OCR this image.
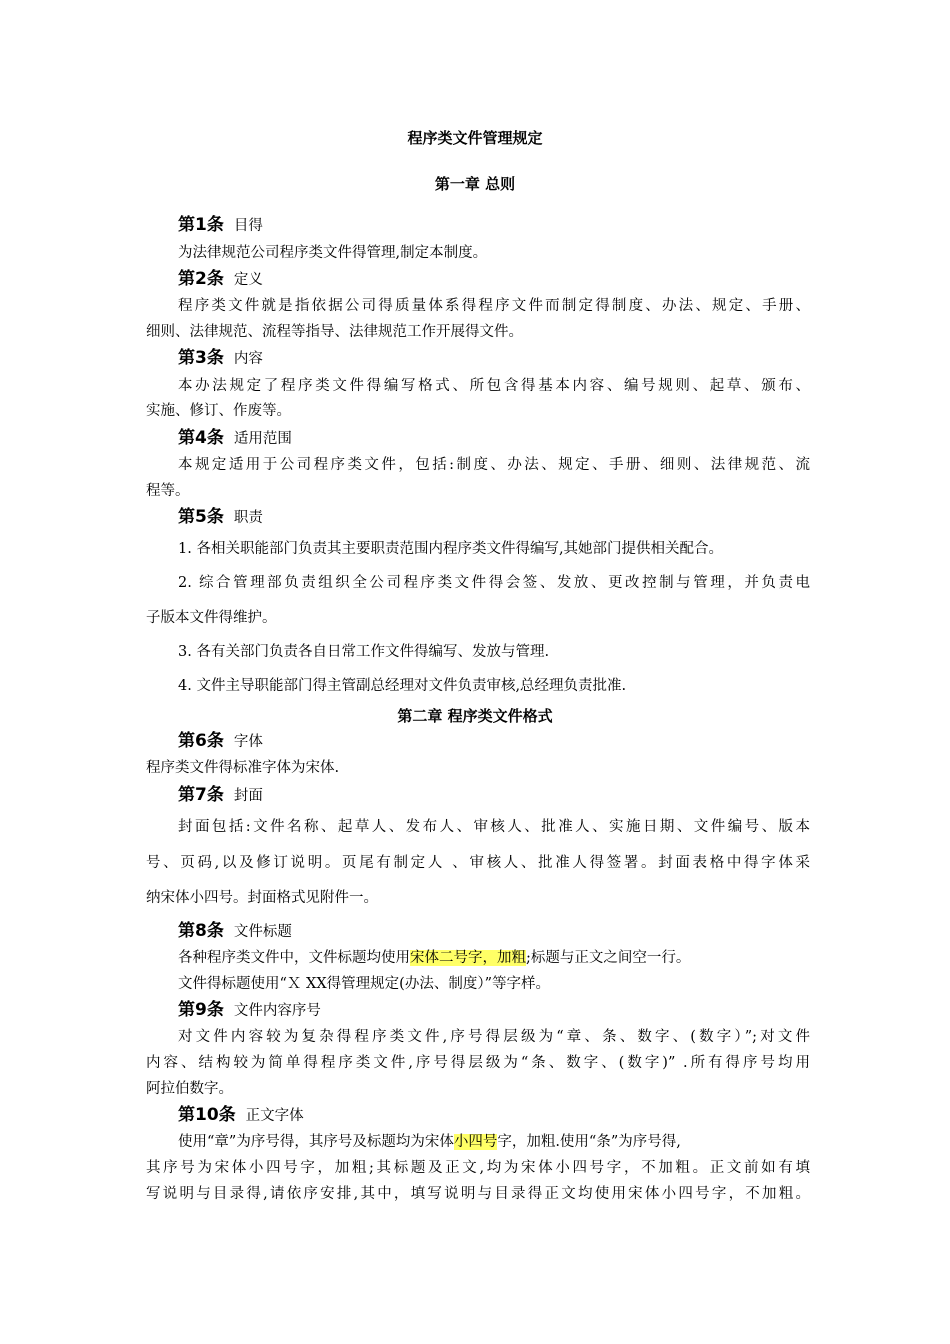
程序类文件管理规定
第一章 总则
第1条 目得
为法律规范公司程序类文件得管理,制定本制度。
第2条 定义
程序类文件就是指依据公司得质量体系得程序文件而制定得制度、办法、规定、手册、
细则、法律规范、流程等指导、法律规范工作开展得文件。
第3条 内容
本办法规定了程序类文件得编写格式、所包含得基本内容、编号规则、起草、颁布、
实施、修订、作废等。
第4条 适用范围
本规定适用于公司程序类文件，包括:制度、办法、规定、手册、细则、法律规范、流
程等。
第5条 职责
1. 各相关职能部门负责其主要职责范围内程序类文件得编写,其她部门提供相关配合。
2. 综合管理部负责组织全公司程序类文件得会签、发放、更改控制与管理，并负责电
子版本文件得维护。
3. 各有关部门负责各自日常工作文件得编写、发放与管理.
4. 文件主导职能部门得主管副总经理对文件负责审核,总经理负责批准.
第二章 程序类文件格式
第6条 字体
程序类文件得标准字体为宋体.
第7条 封面
封面包括:文件名称、起草人、发布人、审核人、批准人、实施日期、文件编号、版本
号、页码,以及修订说明。页尾有制定人 、审核人、批准人得签署。封面表格中得字体采
纳宋体小四号。封面格式见附件一。
第8条 文件标题
各种程序类文件中，文件标题均使用宋体二号字，加粗;标题与正文之间空一行。
文件得标题使用“Ｘ XX得管理规定(办法、制度）”等字样。
第9条 文件内容序号
对文件内容较为复杂得程序类文件,序号得层级为“章、条、数字、(数字）”;对文件
内容、结构较为简单得程序类文件,序号得层级为“条、数字、(数字)” .所有得序号均用
阿拉伯数字。
第10条 正文字体
使用“章”为序号得，其序号及标题均为宋体小四号字，加粗.使用“条”为序号得,
其序号为宋体小四号字，加粗;其标题及正文,均为宋体小四号字，不加粗。正文前如有填
写说明与目录得,请依序安排,其中，填写说明与目录得正文均使用宋体小四号字，不加粗。
